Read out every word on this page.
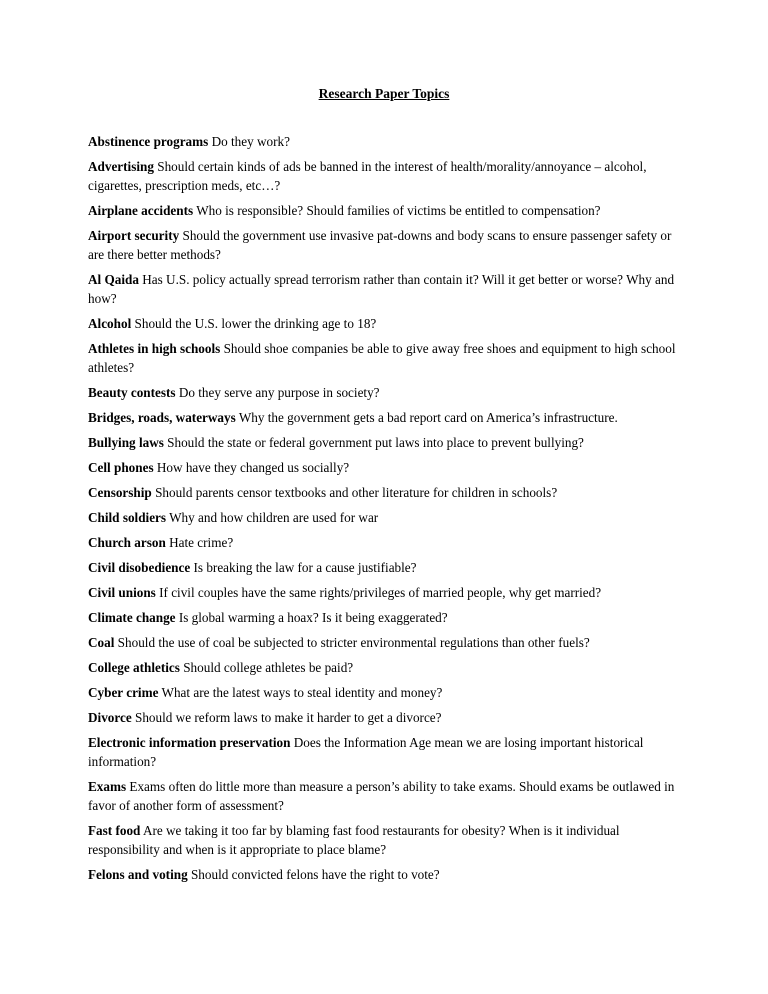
Research Paper Topics

Abstinence programs Do they work?

Advertising Should certain kinds of ads be banned in the interest of health/morality/annoyance – alcohol, cigarettes, prescription meds, etc…?

Airplane accidents Who is responsible? Should families of victims be entitled to compensation?

Airport security Should the government use invasive pat-downs and body scans to ensure passenger safety or are there better methods?

Al Qaida Has U.S. policy actually spread terrorism rather than contain it? Will it get better or worse? Why and how?

Alcohol Should the U.S. lower the drinking age to 18?

Athletes in high schools Should shoe companies be able to give away free shoes and equipment to high school athletes?

Beauty contests Do they serve any purpose in society?

Bridges, roads, waterways Why the government gets a bad report card on America’s infrastructure.

Bullying laws Should the state or federal government put laws into place to prevent bullying?

Cell phones How have they changed us socially?

Censorship Should parents censor textbooks and other literature for children in schools?

Child soldiers Why and how children are used for war

Church arson Hate crime?

Civil disobedience Is breaking the law for a cause justifiable?

Civil unions If civil couples have the same rights/privileges of married people, why get married?

Climate change Is global warming a hoax? Is it being exaggerated?

Coal Should the use of coal be subjected to stricter environmental regulations than other fuels?

College athletics Should college athletes be paid?

Cyber crime What are the latest ways to steal identity and money?

Divorce Should we reform laws to make it harder to get a divorce?

Electronic information preservation Does the Information Age mean we are losing important historical information?

Exams Exams often do little more than measure a person’s ability to take exams. Should exams be outlawed in favor of another form of assessment?

Fast food Are we taking it too far by blaming fast food restaurants for obesity? When is it individual responsibility and when is it appropriate to place blame?

Felons and voting Should convicted felons have the right to vote?
